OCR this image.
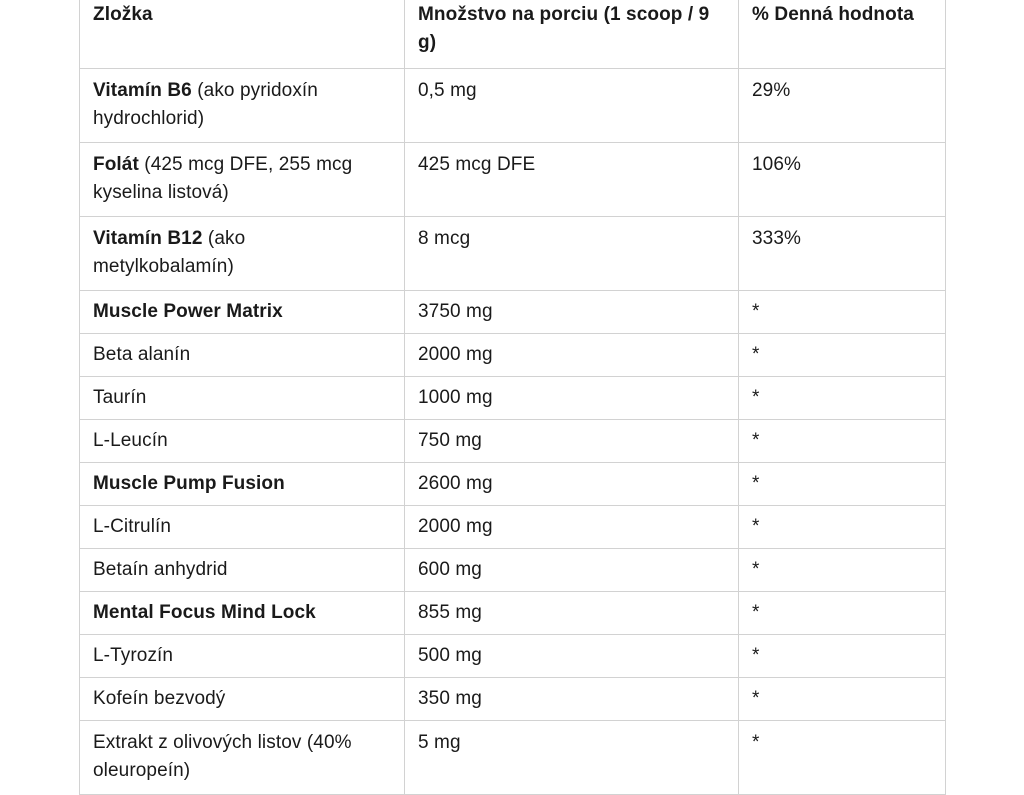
Zložka	Množstvo na porciu (1 scoop / 9 g)	% Denná hodnota
Vitamín B6 (ako pyridoxín hydrochlorid)	0,5 mg	29%
Folát (425 mcg DFE, 255 mcg kyselina listová)	425 mcg DFE	106%
Vitamín B12 (ako metylkobalamín)	8 mcg	333%
Muscle Power Matrix	3750 mg	*
Beta alanín	2000 mg	*
Taurín	1000 mg	*
L-Leucín	750 mg	*
Muscle Pump Fusion	2600 mg	*
L-Citrulín	2000 mg	*
Betaín anhydrid	600 mg	*
Mental Focus Mind Lock	855 mg	*
L-Tyrozín	500 mg	*
Kofeín bezvodý	350 mg	*
Extrakt z olivových listov (40% oleuropeín)	5 mg	*
